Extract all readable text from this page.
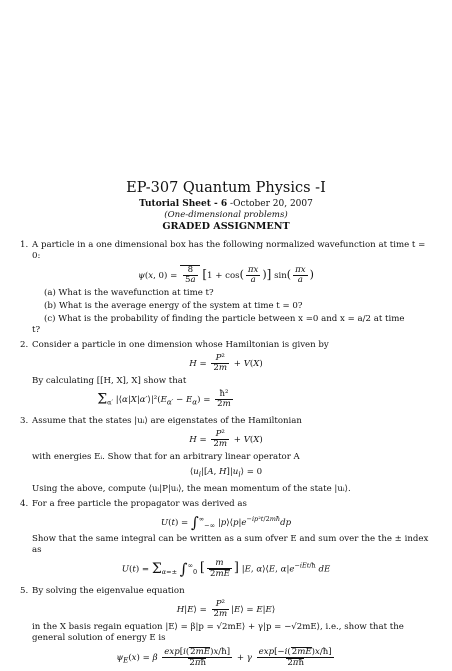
EP-307 Quantum Physics -I
Tutorial Sheet - 6 -October 20, 2007
(One-dimensional problems)
GRADED ASSIGNMENT
1. A particle in a one dimensional box has the following normalized wavefunction at time t = 0:
ψ(x, $0) = \frac{8}{5a} [1 + \cos( \frac{\pi x}{a}$ )] $\sin( \frac{\pi x}{a}$ )
(a) What is the wavefunction at time t?
(b) What is the average energy of the system at time t = 0?
(c) What is the probability of finding the particle between x =0 and x = a/2 at time
t?
2. Consider a particle in one dimension whose Hamiltonian is given by
$H = \frac{\text{P²}}{2m} + V(X)$
By calculating [[H, X], X] show that
$\Sigma_{\alpha'}$ $|⟨\alpha|X|\alpha'⟩|^2(E_{\alpha'} - E_\alpha) = \frac{\text{ħ²}}{2m}$
3. Assume that the states |uᵢ⟩ are eigenstates of the Hamiltonian
$H = \frac{\text{P²}}{2m} + V(X)$
with energies Eᵢ. Show that for an arbitrary linear operator A
$⟨u_i|[A$, $H]|u_i⟩ = 0$
Using the above, compute ⟨uᵢ|P|uᵢ⟩, the mean momentum of the state |uᵢ⟩.
4. For a free particle the propagator was derived as
$U(t) = \int^\infty_{-\infty}$ $|p⟩⟨p|e^{-ip^2t/2mħ}dp$
Show that the same integral can be written as a sum ofver E and sum over the the ± index as
$U(t) = \Sigma_{\alpha=\pm}$ $\int^\infty_0$ [ $\frac{m}{2mE}$ ] |E, α⟩⟨E, $\alpha|e^{-iEt/ħ}$ dE
5. By solving the eigenvalue equation
H|E⟩ = $\frac{\text{P²}}{2m}$ |E⟩ = E|E⟩
in the X basis regain equation |E⟩ = β|p = √2mE⟩ + γ|p = −√2mE⟩, i.e., show that the general solution of energy E is
$\psi_E(x) = \beta \frac{\exp[i(2mE)x/ħ]}{2\pi ħ} + \gamma \frac{\exp[-i(2mE)x/ħ]}{2\pi ħ}$
